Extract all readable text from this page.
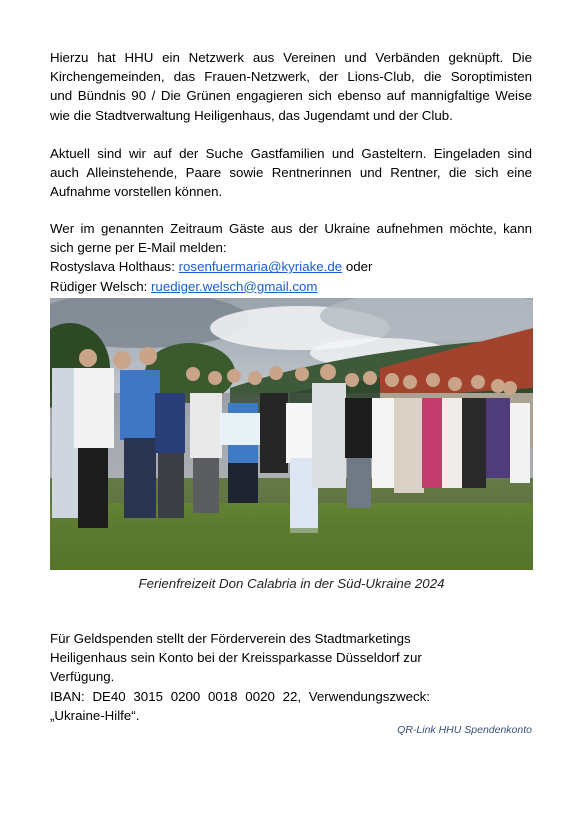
Hierzu hat HHU ein Netzwerk aus Vereinen und Verbänden geknüpft. Die
Kirchengemeinden, das Frauen-Netzwerk, der Lions-Club, die Soroptimisten
und Bündnis 90 / Die Grünen engagieren sich ebenso auf mannigfaltige Weise
wie die Stadtverwaltung Heiligenhaus, das Jugendamt und der Club.
Aktuell sind wir auf der Suche Gastfamilien und Gasteltern. Eingeladen sind
auch Alleinstehende, Paare sowie Rentnerinnen und Rentner, die sich eine
Aufnahme vorstellen können.
Wer im genannten Zeitraum Gäste aus der Ukraine aufnehmen möchte, kann
sich gerne per E-Mail melden:
Rostyslava Holthaus: rosenfuermaria@kyriake.de oder
Rüdiger Welsch: ruediger.welsch@gmail.com
Ferienfreizeit Don Calabria in der Süd-Ukraine 2024
Für Geldspenden stellt der Förderverein des Stadtmarketings
Heiligenhaus sein Konto bei der Kreissparkasse Düsseldorf zur
Verfügung.
IBAN: DE40 3015 0200 0018 0020 22, Verwendungszweck:
„Ukraine-Hilfe“.
QR-Link HHU Spendenkonto
